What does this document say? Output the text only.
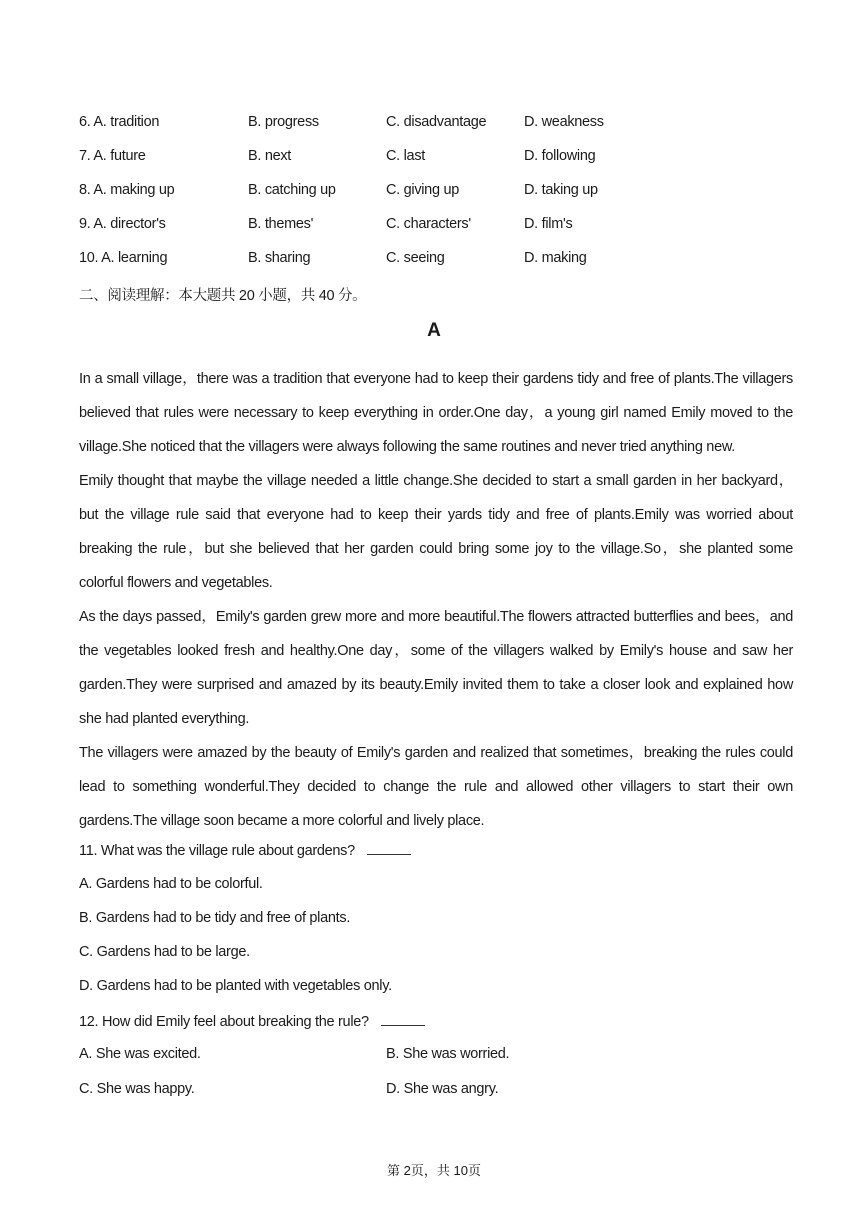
6. A. tradition	B. progress	C. disadvantage	D. weakness
7. A. future	B. next	C. last	D. following
8. A. making up	B. catching up	C. giving up	D. taking up
9. A. director's	B. themes'	C. characters'	D. film's
10. A. learning	B. sharing	C. seeing	D. making
二、阅读理解：本大题共 20 小题，共 40 分。
A

In a small village，there was a tradition that everyone had to keep their gardens tidy and free of plants.The villagers believed that rules were necessary to keep everything in order.One day，a young girl named Emily moved to the village.She noticed that the villagers were always following the same routines and never tried anything new.

Emily thought that maybe the village needed a little change.She decided to start a small garden in her backyard，but the village rule said that everyone had to keep their yards tidy and free of plants.Emily was worried about breaking the rule，but she believed that her garden could bring some joy to the village.So，she planted some colorful flowers and vegetables.

As the days passed，Emily's garden grew more and more beautiful.The flowers attracted butterflies and bees，and the vegetables looked fresh and healthy.One day，some of the villagers walked by Emily's house and saw her garden.They were surprised and amazed by its beauty.Emily invited them to take a closer look and explained how she had planted everything.

The villagers were amazed by the beauty of Emily's garden and realized that sometimes，breaking the rules could lead to something wonderful.They decided to change the rule and allowed other villagers to start their own gardens.The village soon became a more colorful and lively place.

11. What was the village rule about gardens?
A. Gardens had to be colorful.
B. Gardens had to be tidy and free of plants.
C. Gardens had to be large.
D. Gardens had to be planted with vegetables only.
12. How did Emily feel about breaking the rule?
A. She was excited.	B. She was worried.
C. She was happy.	D. She was angry.
第 2页，共 10页
